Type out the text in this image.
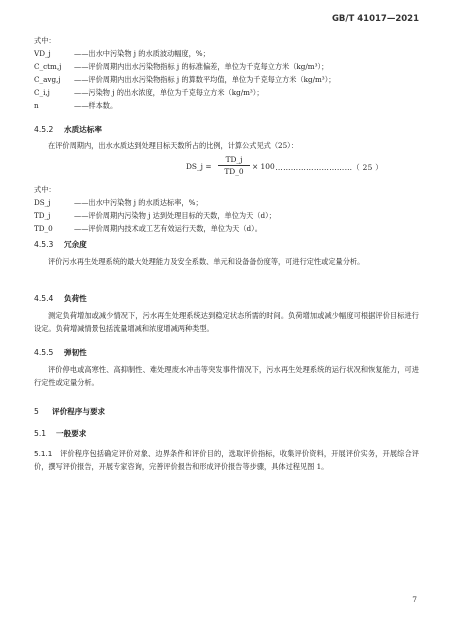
GB/T 41017—2021
式中：
VD_j	——出水中污染物 j 的水质波动幅度，%；
C_ctm,j ——评价周期内出水污染物指标 j 的标准偏差，单位为千克每立方米（kg/m³）；
C_avg,j ——评价周期内出水污染物指标 j 的算数平均值，单位为千克每立方米（kg/m³）；
C_i,j	——污染物 j 的出水浓度，单位为千克每立方米（kg/m³）；
n	——样本数。
4.5.2 水质达标率
在评价周期内，出水水质达到处理目标天数所占的比例，计算公式见式（25）：
DS_j = $\frac{TD\_j}{TD\_0} \times 100$ …………………………（ 25 ）
式中：
DS_j	——出水中污染物 j 的水质达标率，%；
TD_j	——评价周期内污染物 j 达到处理目标的天数，单位为天（d）；
TD_0	——评价周期内技术或工艺有效运行天数，单位为天（d）。
4.5.3 冗余度
评价污水再生处理系统的最大处理能力及安全系数、单元和设备备份度等，可进行定性或定量分析。
4.5.4 负荷性
测定负荷增加或减少情况下，污水再生处理系统达到稳定状态所需的时间。负荷增加或减少幅度可根据评价目标进行设定。负荷增减情景包括流量增减和浓度增减两种类型。
4.5.5 弹韧性
评价停电或高寒性、高抑制性、难处理废水冲击等突发事件情况下，污水再生处理系统的运行状况和恢复能力，可进行定性或定量分析。
5 评价程序与要求
5.1 一般要求
5.1.1 评价程序包括确定评价对象、边界条件和评价目的，选取评价指标，收集评价资料，开展评价实务，开展综合评价，撰写评价报告，开展专家咨询，完善评价报告和形成评价报告等步骤，具体过程见图 1。
7
